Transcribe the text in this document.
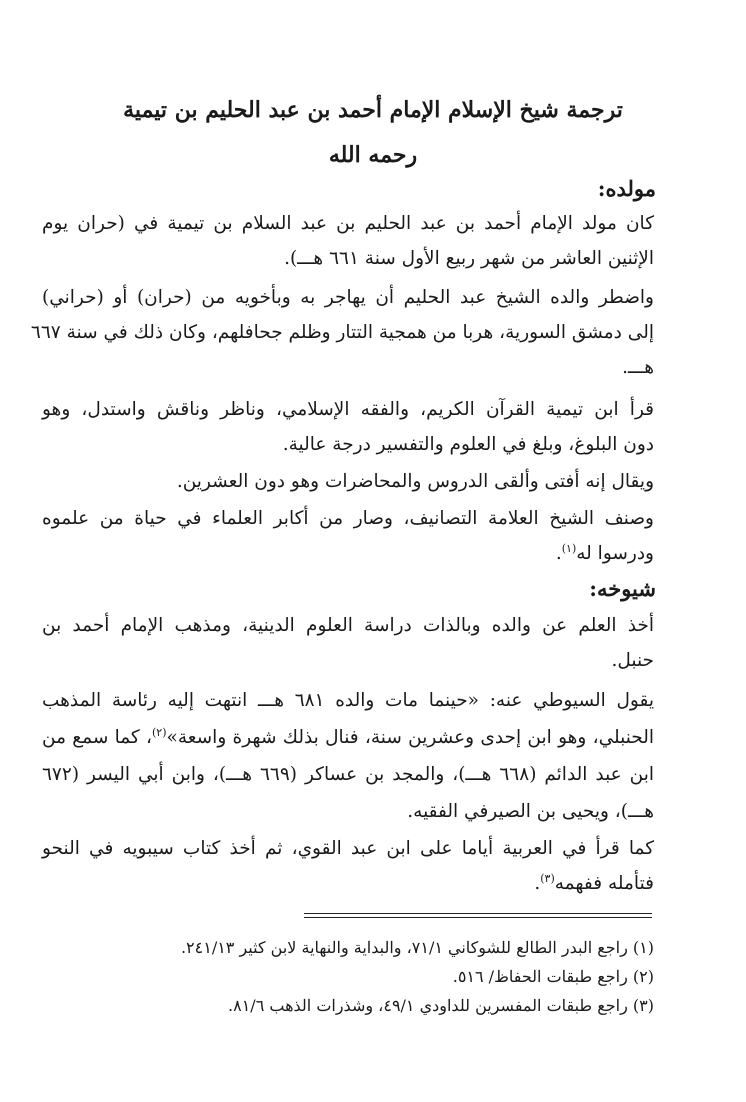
ترجمة شيخ الإسلام الإمام أحمد بن عبد الحليم بن تيمية
رحمه الله
مولده:
كان مولد الإمام أحمد بن عبد الحليم بن عبد السلام بن تيمية في (حران يوم
الإثنين العاشر من شهر ربيع الأول سنة ٦٦١ هـــ).
واضطر والده الشيخ عبد الحليم أن يهاجر به وبأخويه من (حران) أو (حراني)
إلى دمشق السورية، هربا من همجية التتار وظلم جحافلهم، وكان ذلك في سنة ٦٦٧
هـــ.
قرأ ابن تيمية القرآن الكريم، والفقه الإسلامي، وناظر وناقش واستدل، وهو
دون البلوغ، وبلغ في العلوم والتفسير درجة عالية.
ويقال إنه أفتى وألقى الدروس والمحاضرات وهو دون العشرين.
وصنف الشيخ العلامة التصانيف، وصار من أكابر العلماء في حياة من علموه
ودرسوا له$^{(١)}$.
شيوخه:
أخذ العلم عن والده وبالذات دراسة العلوم الدينية، ومذهب الإمام أحمد بن
حنبل.
يقول السيوطي عنه: «حينما مات والده ٦٨١ هـــ انتهت إليه رئاسة المذهب
الحنبلي، وهو ابن إحدى وعشرين سنة، فنال بذلك شهرة واسعة»$^{(٢)}$، كما سمع من
ابن عبد الدائم (٦٦٨ هـــ)، والمجد بن عساكر (٦٦٩ هـــ)، وابن أبي اليسر (٦٧٢
هـــ)، ويحيى بن الصيرفي الفقيه.
كما قرأ في العربية أياما على ابن عبد القوي، ثم أخذ كتاب سيبويه في النحو
فتأمله ففهمه$^{(٣)}$.
(١) راجع البدر الطالع للشوكاني ٧١/١، والبداية والنهاية لابن كثير ٢٤١/١٣.
(٢) راجع طبقات الحفاظ/ ٥١٦.
(٣) راجع طبقات المفسرين للداودي ٤٩/١، وشذرات الذهب ٨١/٦.
